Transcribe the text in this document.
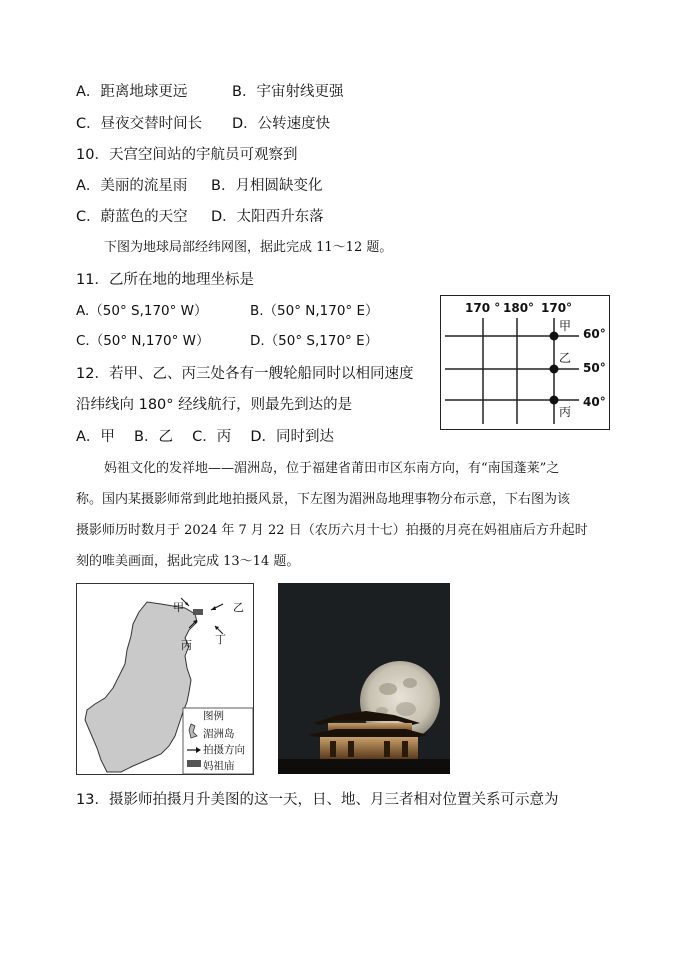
A．距离地球更远	B．宇宙射线更强
C．昼夜交替时间长 D．公转速度快
10．天宫空间站的宇航员可观察到
A．美丽的流星雨 B．月相圆缺变化
C．蔚蓝色的天空 D．太阳西升东落
下图为地球局部经纬网图，据此完成 11～12 题。
11．乙所在地的地理坐标是
A.（50° S,170° W）	B.（50° N,170° E）
C.（50° N,170° W）	D.（50° S,170° E）
12．若甲、乙、丙三处各有一艘轮船同时以相同速度
沿纬线向 180° 经线航行，则最先到达的是
A．甲　 B．乙　 C．丙　 D．同时到达
170 ° 180° 170°
60°
50°
40°
甲
乙
丙
妈祖文化的发祥地——湄洲岛，位于福建省莆田市区东南方向，有“南国蓬莱”之
称。国内某摄影师常到此地拍摄风景，下左图为湄洲岛地理事物分布示意，下右图为该
摄影师历时数月于 2024 年 7 月 22 日（农历六月十七）拍摄的月亮在妈祖庙后方升起时
刻的唯美画面，据此完成 13～14 题。
甲	乙
丙 丁
图例
湄洲岛
拍摄方向
妈祖庙
13．摄影师拍摄月升美图的这一天，日、地、月三者相对位置关系可示意为
